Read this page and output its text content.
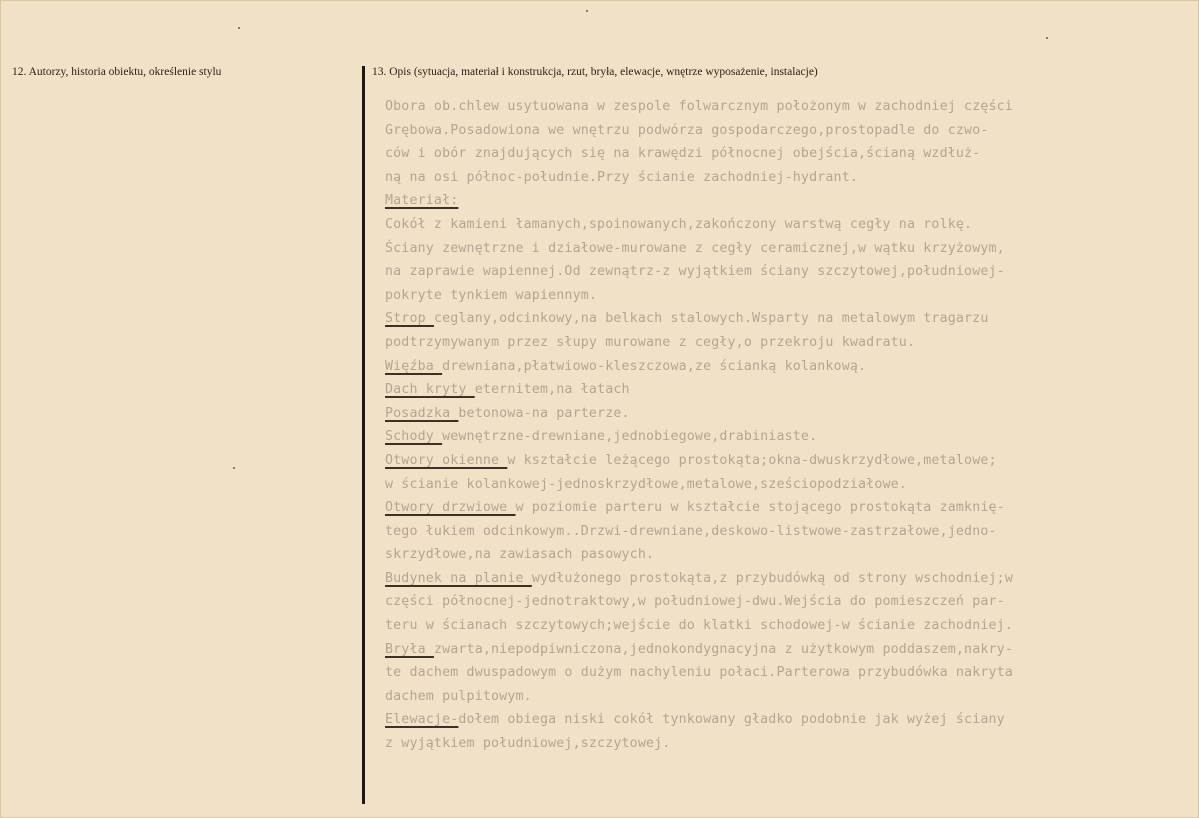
12. Autorzy, historia obiektu, określenie stylu	13. Opis (sytuacja, materiał i konstrukcja, rzut, bryła, elewacje, wnętrze wyposażenie, instalacje)
Obora ob.chlew usytuowana w zespole folwarcznym położonym w zachodniej części
Grębowa.Posadowiona we wnętrzu podwórza gospodarczego,prostopadle do czwo-
ców i obór znajdujących się na krawędzi północnej obejścia,ścianą wzdłuż-
ną na osi północ-południe.Przy ścianie zachodniej-hydrant.
Materiał:
Cokół z kamieni łamanych,spoinowanych,zakończony warstwą cegły na rolkę.
Ściany zewnętrzne i działowe-murowane z cegły ceramicznej,w wątku krzyżowym,
na zaprawie wapiennej.Od zewnątrz-z wyjątkiem ściany szczytowej,południowej-
pokryte tynkiem wapiennym.
Strop ceglany,odcinkowy,na belkach stalowych.Wsparty na metalowym tragarzu
podtrzymywanym przez słupy murowane z cegły,o przekroju kwadratu.
Więźba drewniana,płatwiowo-kleszczowa,ze ścianką kolankową.
Dach kryty eternitem,na łatach
Posadzka betonowa-na parterze.
Schody wewnętrzne-drewniane,jednobiegowe,drabiniaste.
Otwory okienne w kształcie leżącego prostokąta;okna-dwuskrzydłowe,metalowe;
w ścianie kolankowej-jednoskrzydłowe,metalowe,sześciopodziałowe.
Otwory drzwiowe w poziomie parteru w kształcie stojącego prostokąta zamknię-
tego łukiem odcinkowym..Drzwi-drewniane,deskowo-listwowe-zastrzałowe,jedno-
skrzydłowe,na zawiasach pasowych.
Budynek na planie wydłużonego prostokąta,z przybudówką od strony wschodniej;w
części północnej-jednotraktowy,w południowej-dwu.Wejścia do pomieszczeń par-
teru w ścianach szczytowych;wejście do klatki schodowej-w ścianie zachodniej.
Bryła zwarta,niepodpiwniczona,jednokondygnacyjna z użytkowym poddaszem,nakry-
te dachem dwuspadowym o dużym nachyleniu połaci.Parterowa przybudówka nakryta
dachem pulpitowym.
Elewacje-dołem obiega niski cokół tynkowany gładko podobnie jak wyżej ściany
z wyjątkiem południowej,szczytowej.
